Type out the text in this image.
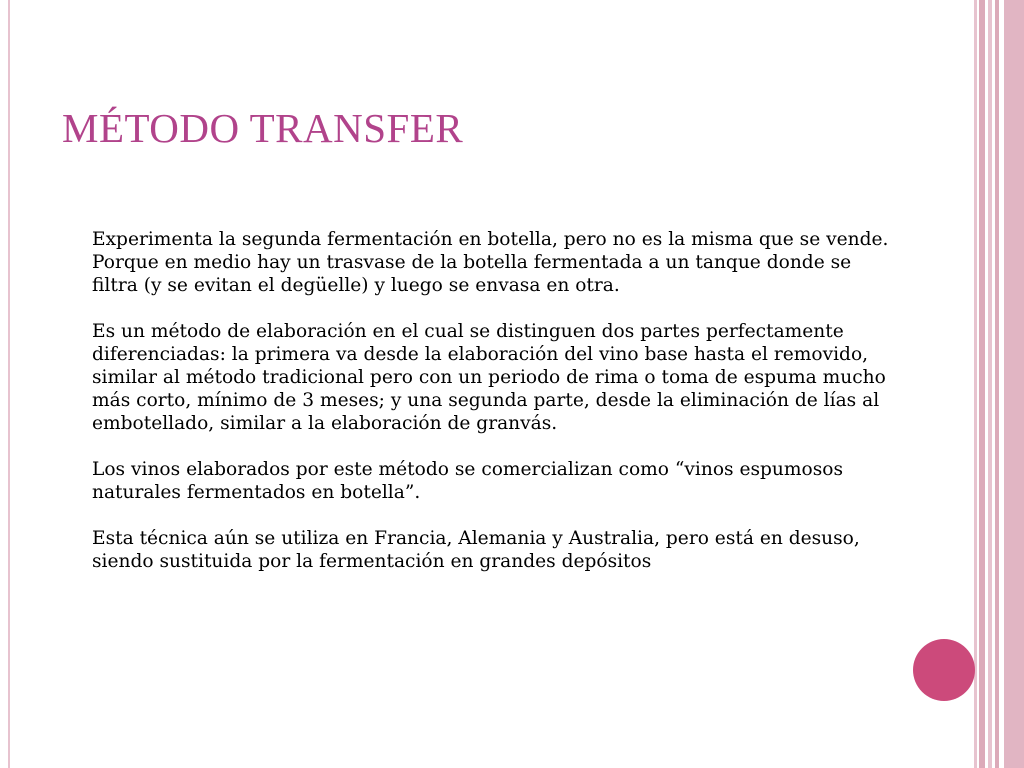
MÉTODO TRANSFER

Experimenta la segunda fermentación en botella, pero no es la misma que se vende. Porque en medio hay un trasvase de la botella fermentada a un tanque donde se filtra (y se evitan el degüelle) y luego se envasa en otra.

Es un método de elaboración en el cual se distinguen dos partes perfectamente diferenciadas: la primera va desde la elaboración del vino base hasta el removido, similar al método tradicional pero con un periodo de rima o toma de espuma mucho más corto, mínimo de 3 meses; y una segunda parte, desde la eliminación de lías al embotellado, similar a la elaboración de granvás.

Los vinos elaborados por este método se comercializan como “vinos espumosos naturales fermentados en botella”.

Esta técnica aún se utiliza en Francia, Alemania y Australia, pero está en desuso, siendo sustituida por la fermentación en grandes depósitos
